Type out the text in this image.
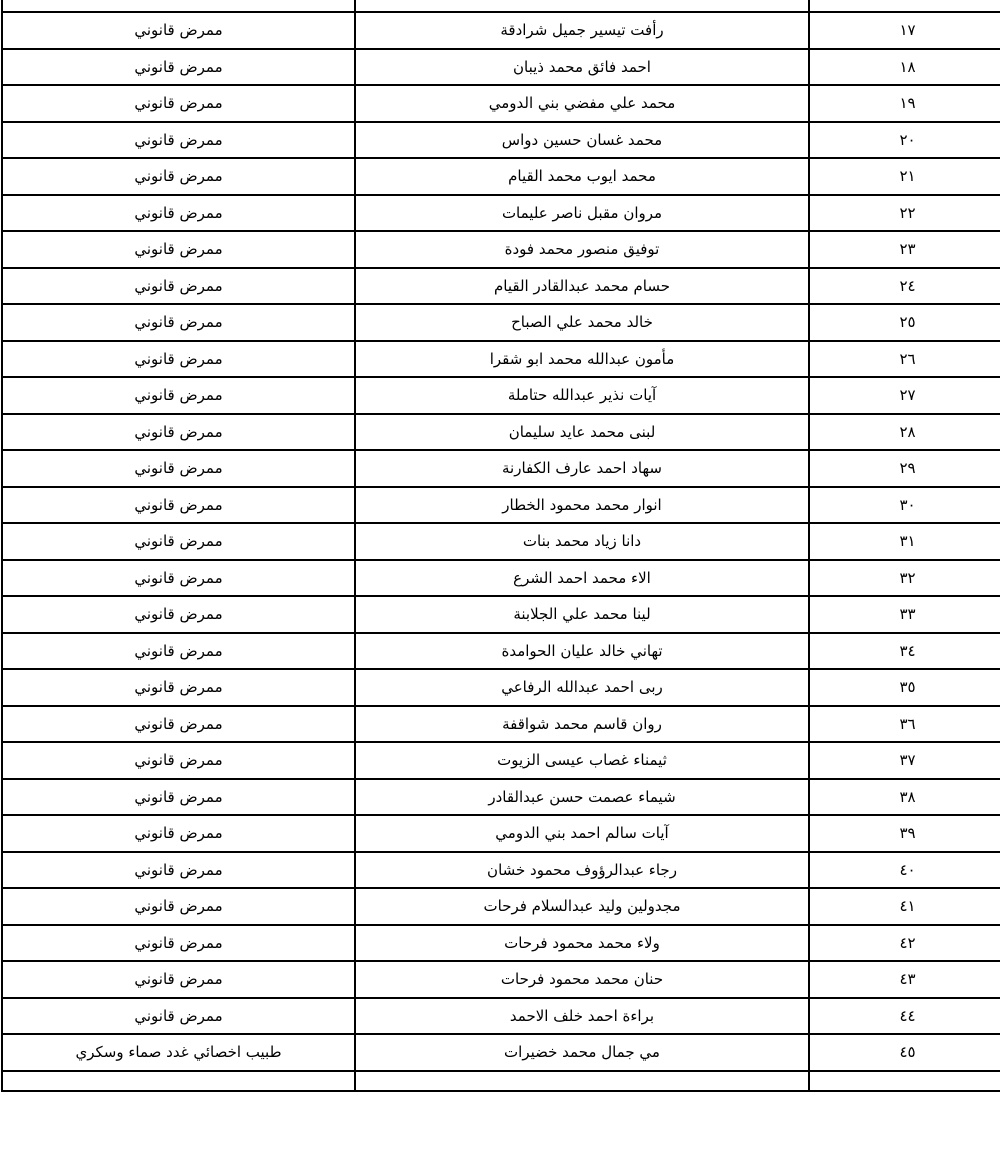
١٧	رأفت تيسير جميل شرادقة	ممرض قانوني
١٨	احمد فائق محمد ذيبان	ممرض قانوني
١٩	محمد علي مفضي بني الدومي	ممرض قانوني
٢٠	محمد غسان حسين دواس	ممرض قانوني
٢١	محمد ايوب محمد القيام	ممرض قانوني
٢٢	مروان مقبل ناصر عليمات	ممرض قانوني
٢٣	توفيق منصور محمد فودة	ممرض قانوني
٢٤	حسام محمد عبدالقادر القيام	ممرض قانوني
٢٥	خالد محمد علي الصباح	ممرض قانوني
٢٦	مأمون عبدالله محمد ابو شقرا	ممرض قانوني
٢٧	آيات نذير عبدالله حتاملة	ممرض قانوني
٢٨	لبنى محمد عايد سليمان	ممرض قانوني
٢٩	سهاد احمد عارف الكفارنة	ممرض قانوني
٣٠	انوار محمد محمود الخطار	ممرض قانوني
٣١	دانا زياد محمد بنات	ممرض قانوني
٣٢	الاء محمد احمد الشرع	ممرض قانوني
٣٣	لينا محمد علي الجلابنة	ممرض قانوني
٣٤	تهاني خالد عليان الحوامدة	ممرض قانوني
٣٥	ربى احمد عبدالله الرفاعي	ممرض قانوني
٣٦	روان قاسم محمد شواقفة	ممرض قانوني
٣٧	ثيمناء غصاب عيسى الزيوت	ممرض قانوني
٣٨	شيماء عصمت حسن عبدالقادر	ممرض قانوني
٣٩	آيات سالم احمد بني الدومي	ممرض قانوني
٤٠	رجاء عبدالرؤوف محمود خشان	ممرض قانوني
٤١	مجدولين وليد عبدالسلام فرحات	ممرض قانوني
٤٢	ولاء محمد محمود فرحات	ممرض قانوني
٤٣	حنان محمد محمود فرحات	ممرض قانوني
٤٤	براءة احمد خلف الاحمد	ممرض قانوني
٤٥	مي جمال محمد خضيرات	طبيب اخصائي غدد صماء وسكري
